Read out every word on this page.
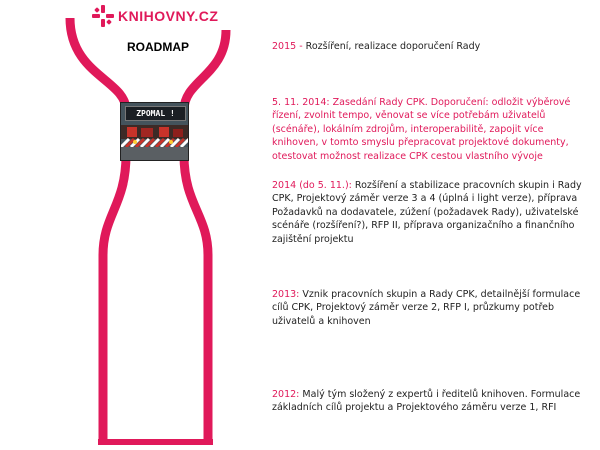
KNIHOVNY.CZ
ROADMAP
ZPOMAL !
2015 - Rozšíření, realizace doporučení Rady
5. 11. 2014: Zasedání Rady CPK. Doporučení: odložit výběrové řízení, zvolnit tempo, věnovat se více potřebám uživatelů (scénáře), lokálním zdrojům, interoperabilitě, zapojit více knihoven, v tomto smyslu přepracovat projektové dokumenty, otestovat možnost realizace CPK cestou vlastního vývoje
2014 (do 5. 11.): Rozšíření a stabilizace pracovních skupin i Rady CPK, Projektový záměr verze 3 a 4 (úplná i light verze), příprava Požadavků na dodavatele, zúžení (požadavek Rady), uživatelské scénáře (rozšíření?), RFP II, příprava organizačního a finančního zajištění projektu
2013: Vznik pracovních skupin a Rady CPK, detailnější formulace cílů CPK, Projektový záměr verze 2, RFP I, průzkumy potřeb uživatelů a knihoven
2012: Malý tým složený z expertů i ředitelů knihoven. Formulace základních cílů projektu a Projektového záměru verze 1, RFI
